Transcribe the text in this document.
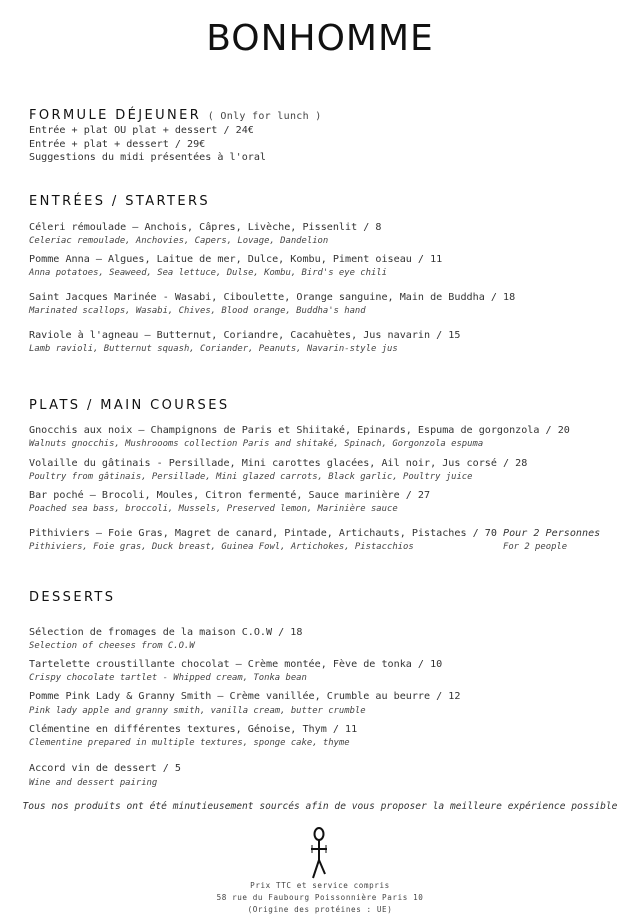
BONHOMME
FORMULE DÉJEUNER ( Only for lunch )
Entrée + plat OU plat + dessert / 24€
Entrée + plat + dessert / 29€
Suggestions du midi présentées à l'oral
ENTRÉES / STARTERS
Céleri rémoulade – Anchois, Câpres, Livèche, Pissenlit / 8
Celeriac remoulade, Anchovies, Capers, Lovage, Dandelion
Pomme Anna – Algues, Laitue de mer, Dulce, Kombu, Piment oiseau / 11
Anna potatoes, Seaweed, Sea lettuce, Dulse, Kombu, Bird's eye chili
Saint Jacques Marinée - Wasabi, Ciboulette, Orange sanguine, Main de Buddha / 18
Marinated scallops, Wasabi, Chives, Blood orange, Buddha's hand
Raviole à l'agneau – Butternut, Coriandre, Cacahuètes, Jus navarin / 15
Lamb ravioli, Butternut squash, Coriander, Peanuts, Navarin-style jus
PLATS / MAIN COURSES
Gnocchis aux noix – Champignons de Paris et Shiitaké, Epinards, Espuma de gorgonzola / 20
Walnuts gnocchis, Mushroooms collection Paris and shitaké, Spinach, Gorgonzola espuma
Volaille du gâtinais - Persillade, Mini carottes glacées, Ail noir, Jus corsé / 28
Poultry from gâtinais, Persillade, Mini glazed carrots, Black garlic, Poultry juice
Bar poché – Brocoli, Moules, Citron fermenté, Sauce marinière / 27
Poached sea bass, broccoli, Mussels, Preserved lemon, Marinière sauce
Pithiviers – Foie Gras, Magret de canard, Pintade, Artichauts, Pistaches / 70
Pithiviers, Foie gras, Duck breast, Guinea Fowl, Artichokes, Pistacchios
Pour 2 Personnes
For 2 people
DESSERTS
Sélection de fromages de la maison C.O.W / 18
Selection of cheeses from C.O.W
Tartelette croustillante chocolat – Crème montée, Fève de tonka / 10
Crispy chocolate tartlet - Whipped cream, Tonka bean
Pomme Pink Lady & Granny Smith – Crème vanillée, Crumble au beurre / 12
Pink lady apple and granny smith, vanilla cream, butter crumble
Clémentine en différentes textures, Génoise, Thym / 11
Clementine prepared in multiple textures, sponge cake, thyme
Accord vin de dessert / 5
Wine and dessert pairing
Tous nos produits ont été minutieusement sourcés afin de vous proposer la meilleure expérience possible
Prix TTC et service compris
58 rue du Faubourg Poissonnière Paris 10
(Origine des protéines : UE)
